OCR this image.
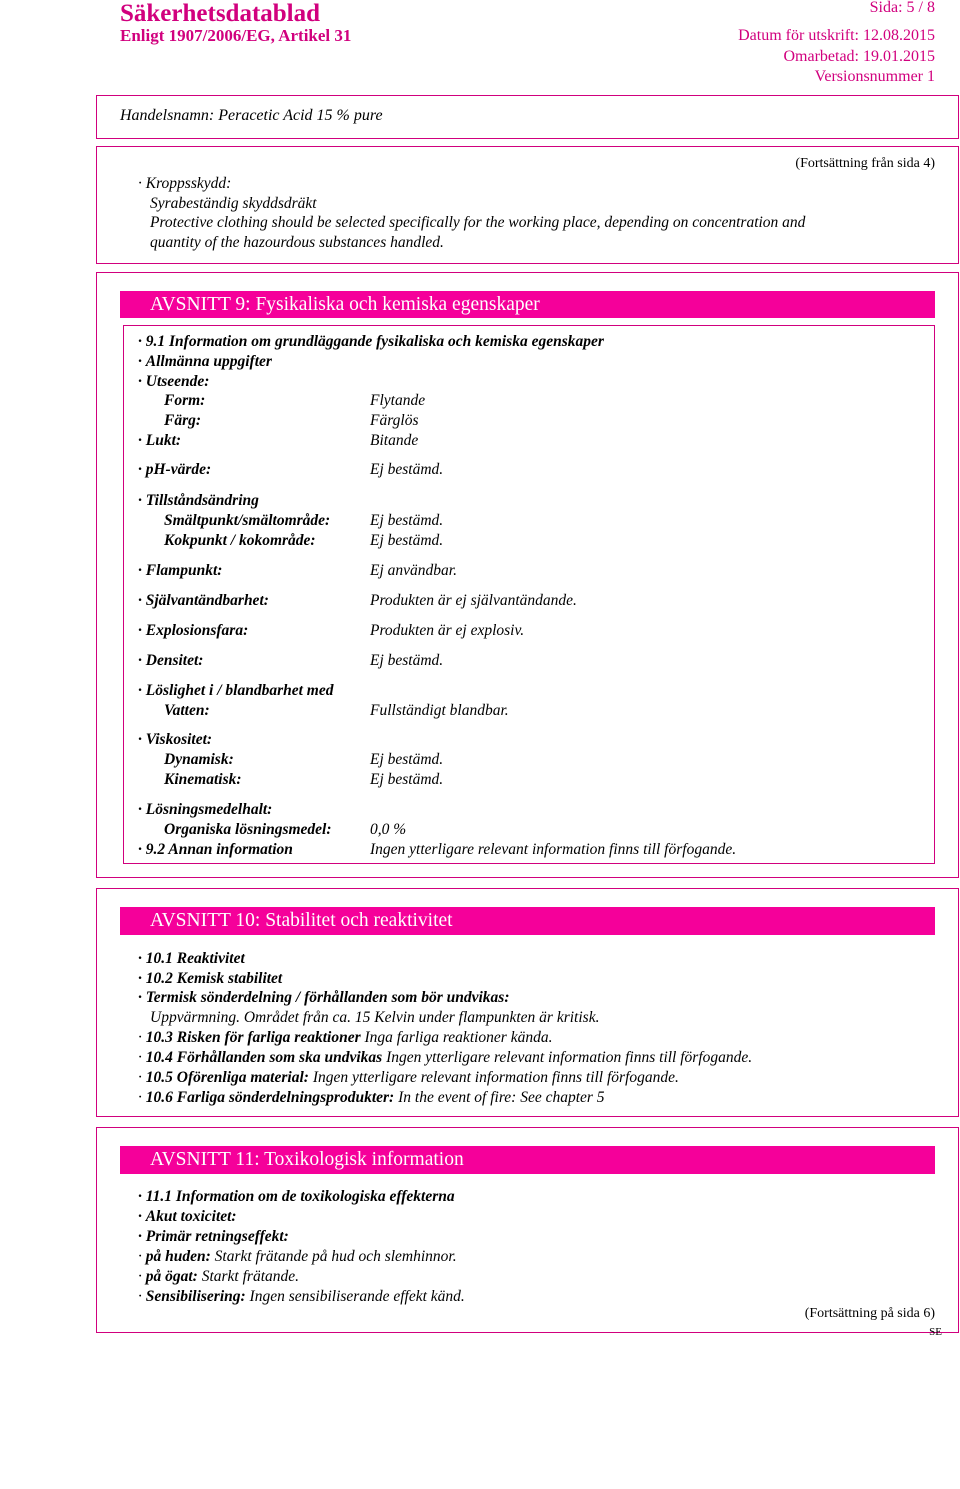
Säkerhetsdatablad
Enligt 1907/2006/EG, Artikel 31
Sida: 5 / 8
Datum för utskrift: 12.08.2015
Omarbetad: 19.01.2015
Versionsnummer 1
Handelsnamn: Peracetic Acid 15 % pure
(Fortsättning från sida 4)
· Kroppsskydd:
Syrabeständig skyddsdräkt
Protective clothing should be selected specifically for the working place, depending on concentration and
quantity of the hazourdous substances handled.
AVSNITT 9: Fysikaliska och kemiska egenskaper
· 9.1 Information om grundläggande fysikaliska och kemiska egenskaper
· Allmänna uppgifter
· Utseende:
Form:	Flytande
Färg:	Färglös
· Lukt:	Bitande
· pH-värde:	Ej bestämd.
· Tillståndsändring
Smältpunkt/smältområde:	Ej bestämd.
Kokpunkt / kokområde:	Ej bestämd.
· Flampunkt:	Ej användbar.
· Självantändbarhet:	Produkten är ej självantändande.
· Explosionsfara:	Produkten är ej explosiv.
· Densitet:	Ej bestämd.
· Löslighet i / blandbarhet med
Vatten:	Fullständigt blandbar.
· Viskositet:
Dynamisk:	Ej bestämd.
Kinematisk:	Ej bestämd.
· Lösningsmedelhalt:
Organiska lösningsmedel: 0,0 %
· 9.2 Annan information	Ingen ytterligare relevant information finns till förfogande.
AVSNITT 10: Stabilitet och reaktivitet
· 10.1 Reaktivitet
· 10.2 Kemisk stabilitet
· Termisk sönderdelning / förhållanden som bör undvikas:
Uppvärmning. Området från ca. 15 Kelvin under flampunkten är kritisk.
· 10.3 Risken för farliga reaktioner Inga farliga reaktioner kända.
· 10.4 Förhållanden som ska undvikas Ingen ytterligare relevant information finns till förfogande.
· 10.5 Oförenliga material: Ingen ytterligare relevant information finns till förfogande.
· 10.6 Farliga sönderdelningsprodukter: In the event of fire: See chapter 5
AVSNITT 11: Toxikologisk information
· 11.1 Information om de toxikologiska effekterna
· Akut toxicitet:
· Primär retningseffekt:
· på huden: Starkt frätande på hud och slemhinnor.
· på ögat: Starkt frätande.
· Sensibilisering: Ingen sensibiliserande effekt känd.
(Fortsättning på sida 6)
SE
